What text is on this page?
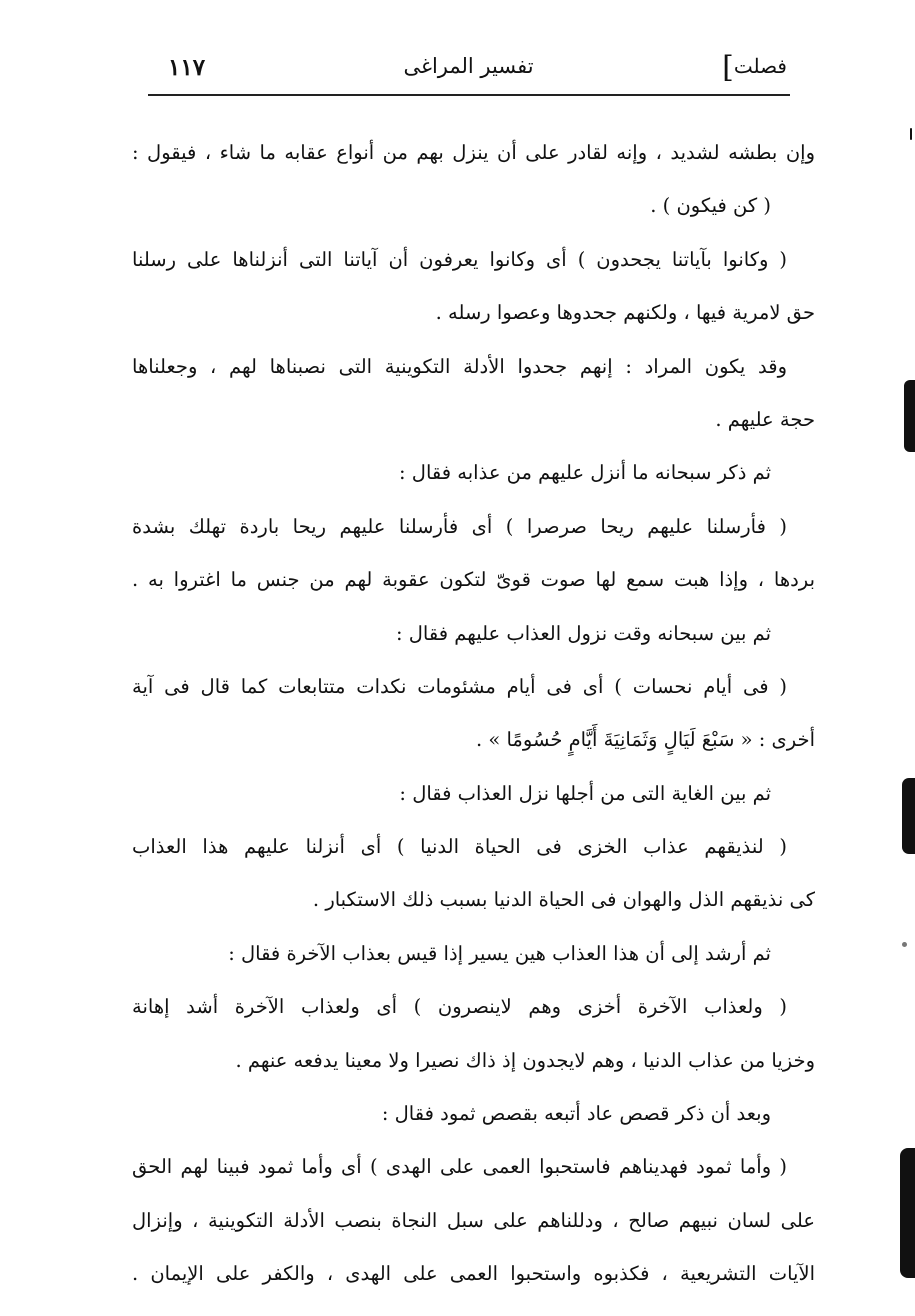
١١٧	تفسير المراغى	فصلت]
وإن بطشه لشديد ، وإنه لقادر على أن ينزل بهم من أنواع عقابه ما شاء ، فيقول :
( كن فيكون ) .
( وكانوا بآياتنا يجحدون ) أى وكانوا يعرفون أن آياتنا التى أنزلناها على رسلنا
حق لامرية فيها ، ولكنهم جحدوها وعصوا رسله .
وقد يكون المراد : إنهم جحدوا الأدلة التكوينية التى نصبناها لهم ، وجعلناها
حجة عليهم .
ثم ذكر سبحانه ما أنزل عليهم من عذابه فقال :
( فأرسلنا عليهم ريحا صرصرا ) أى فأرسلنا عليهم ريحا باردة تهلك بشدة
بردها ، وإذا هبت سمع لها صوت قوىّ لتكون عقوبة لهم من جنس ما اغتروا به .
ثم بين سبحانه وقت نزول العذاب عليهم فقال :
( فى أيام نحسات ) أى فى أيام مشئومات نكدات متتابعات كما قال فى آية
أخرى : « سَبْعَ لَيَالٍ وَثَمَانِيَةَ أَيَّامٍ حُسُومًا » .
ثم بين الغاية التى من أجلها نزل العذاب فقال :
( لنذيقهم عذاب الخزى فى الحياة الدنيا ) أى أنزلنا عليهم هذا العذاب
كى نذيقهم الذل والهوان فى الحياة الدنيا بسبب ذلك الاستكبار .
ثم أرشد إلى أن هذا العذاب هين يسير إذا قيس بعذاب الآخرة فقال :
( ولعذاب الآخرة أخزى وهم لاينصرون ) أى ولعذاب الآخرة أشد إهانة
وخزيا من عذاب الدنيا ، وهم لايجدون إذ ذاك نصيرا ولا معينا يدفعه عنهم .
وبعد أن ذكر قصص عاد أتبعه بقصص ثمود فقال :
( وأما ثمود فهديناهم فاستحبوا العمى على الهدى ) أى وأما ثمود فبينا لهم الحق
على لسان نبيهم صالح ، ودللناهم على سبل النجاة بنصب الأدلة التكوينية ، وإنزال
الآيات التشريعية ، فكذبوه واستحبوا العمى على الهدى ، والكفر على الإيمان .
